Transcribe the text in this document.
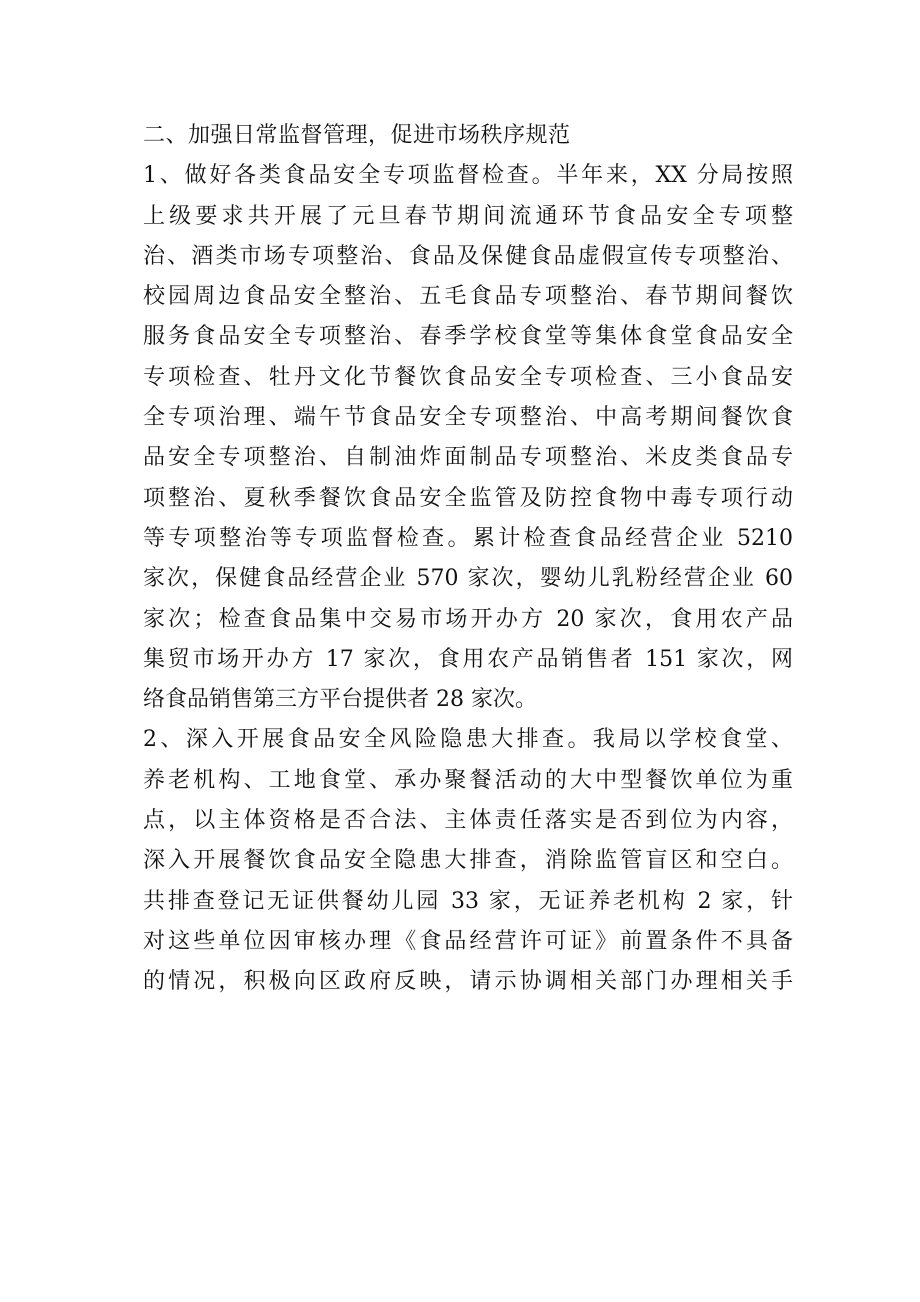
二、加强日常监督管理，促进市场秩序规范
1、做好各类食品安全专项监督检查。半年来，XX 分局按照
上级要求共开展了元旦春节期间流通环节食品安全专项整
治、酒类市场专项整治、食品及保健食品虚假宣传专项整治、
校园周边食品安全整治、五毛食品专项整治、春节期间餐饮
服务食品安全专项整治、春季学校食堂等集体食堂食品安全
专项检查、牡丹文化节餐饮食品安全专项检查、三小食品安
全专项治理、端午节食品安全专项整治、中高考期间餐饮食
品安全专项整治、自制油炸面制品专项整治、米皮类食品专
项整治、夏秋季餐饮食品安全监管及防控食物中毒专项行动
等专项整治等专项监督检查。累计检查食品经营企业 5210
家次，保健食品经营企业 570 家次，婴幼儿乳粉经营企业 60
家次；检查食品集中交易市场开办方 20 家次，食用农产品
集贸市场开办方 17 家次，食用农产品销售者 151 家次，网
络食品销售第三方平台提供者 28 家次。
2、深入开展食品安全风险隐患大排查。我局以学校食堂、
养老机构、工地食堂、承办聚餐活动的大中型餐饮单位为重
点，以主体资格是否合法、主体责任落实是否到位为内容，
深入开展餐饮食品安全隐患大排查，消除监管盲区和空白。
共排查登记无证供餐幼儿园 33 家，无证养老机构 2 家，针
对这些单位因审核办理《食品经营许可证》前置条件不具备
的情况，积极向区政府反映，请示协调相关部门办理相关手
